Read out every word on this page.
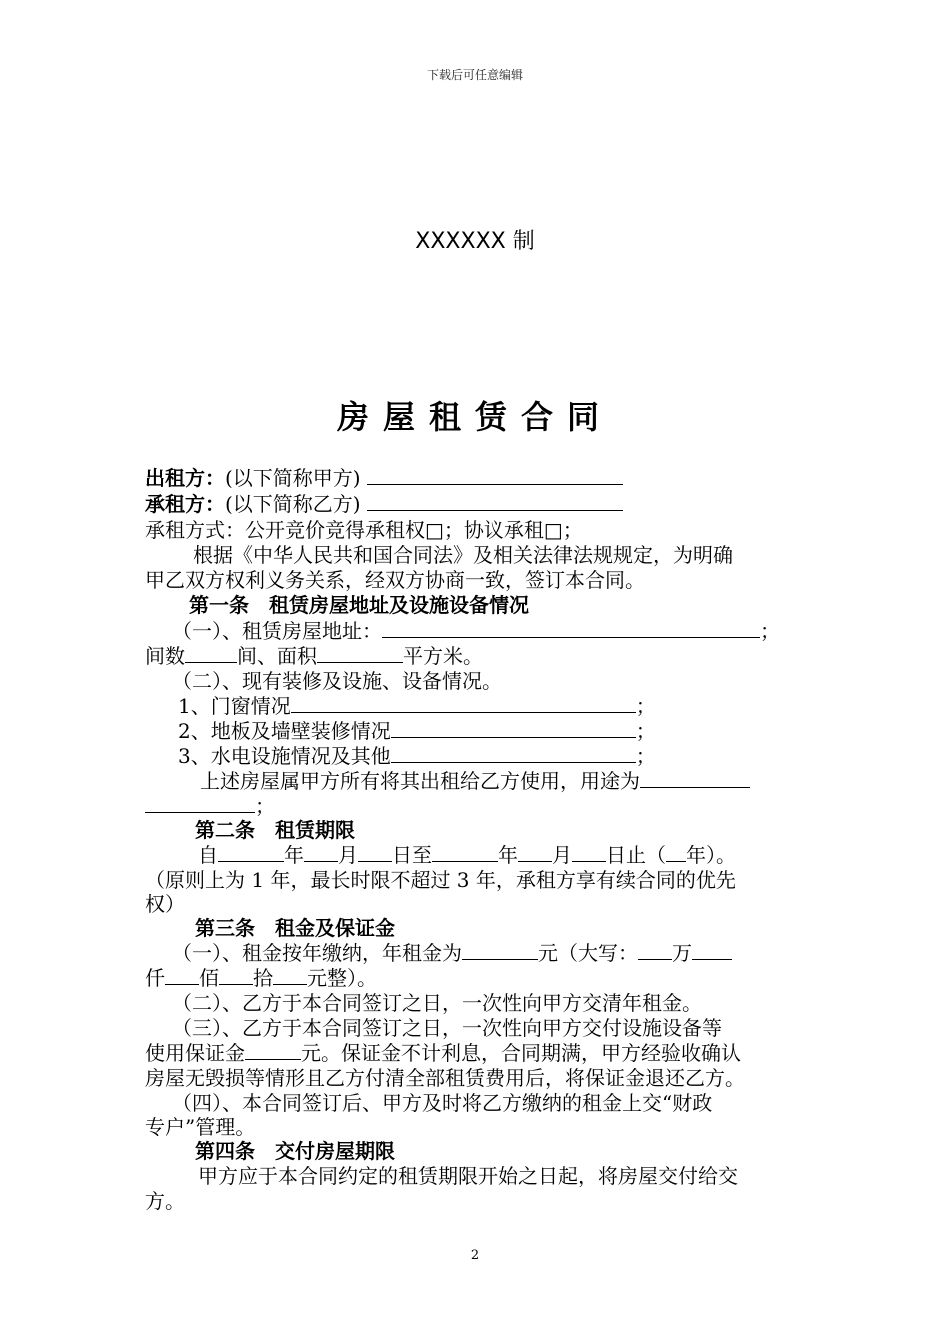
下载后可任意编辑
XXXXXX 制
房屋租赁合同
出租方：(以下简称甲方)
承租方：(以下简称乙方)
承租方式：公开竞价竞得承租权□；协议承租□；
根据《中华人民共和国合同法》及相关法律法规规定，为明确
甲乙双方权利义务关系，经双方协商一致，签订本合同。
第一条　租赁房屋地址及设施设备情况
（一）、租赁房屋地址：	；
间数	间、面积	平方米。
（二）、现有装修及设施、设备情况。
1、门窗情况	；
2、地板及墙壁装修情况	；
3、水电设施情况及其他	；
上述房屋属甲方所有将其出租给乙方使用，用途为
；
第二条　租赁期限
自	年 月 日至	年 月 日止（ 年）。
（原则上为 1 年，最长时限不超过 3 年，承租方享有续合同的优先
权）
第三条　租金及保证金
（一）、租金按年缴纳，年租金为	元（大写： 万
仟 佰 拾 元整）。
（二）、乙方于本合同签订之日，一次性向甲方交清年租金。
（三）、乙方于本合同签订之日，一次性向甲方交付设施设备等
使用保证金	元。保证金不计利息，合同期满，甲方经验收确认
房屋无毁损等情形且乙方付清全部租赁费用后，将保证金退还乙方。
（四）、本合同签订后、甲方及时将乙方缴纳的租金上交“财政
专户”管理。
第四条　交付房屋期限
甲方应于本合同约定的租赁期限开始之日起，将房屋交付给交
方。
2
